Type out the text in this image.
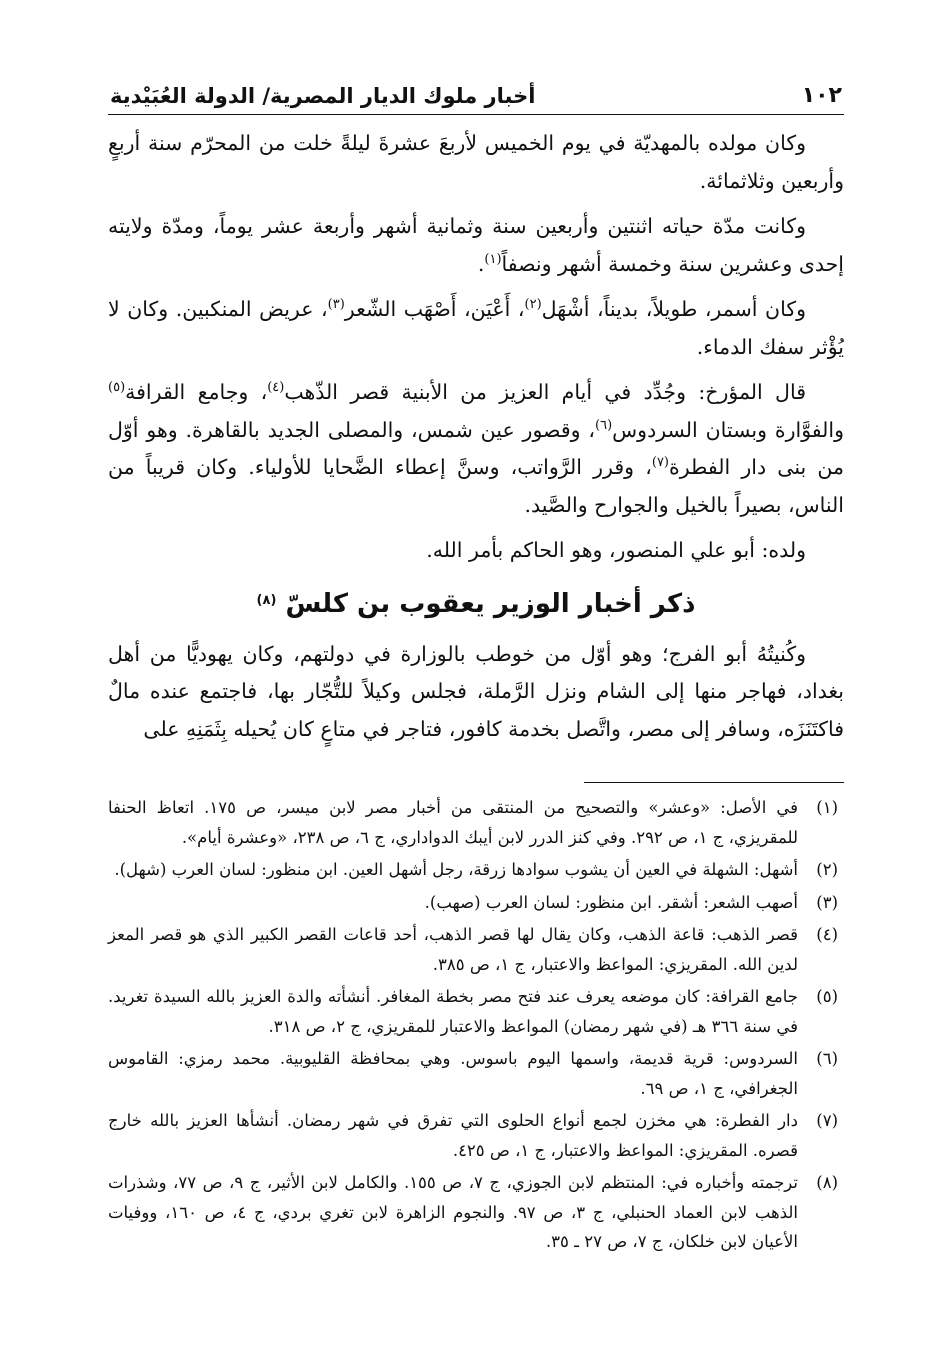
١٠٢
أخبار ملوك الديار المصرية/ الدولة العُبَيْدية

وكان مولده بالمهديّة في يوم الخميس لأربعَ عشرةَ ليلةً خلت من المحرّم سنة أربعٍ وأربعين وثلاثمائة.

وكانت مدّة حياته اثنتين وأربعين سنة وثمانية أشهر وأربعة عشر يوماً، ومدّة ولايته إحدى وعشرين سنة وخمسة أشهر ونصفاً$^{(١)}$.

وكان أسمر، طويلاً، بديناً، أشْهَل$^{(٢)}$، أَعْيَن، أَصْهَب الشّعر$^{(٣)}$، عريض المنكبين. وكان لا يُؤْثر سفك الدماء.

قال المؤرخ: وجُدِّد في أيام العزيز من الأبنية قصر الذّهب$^{(٤)}$، وجامع القرافة$^{(٥)}$ والفوَّارة وبستان السردوس$^{(٦)}$، وقصور عين شمس، والمصلى الجديد بالقاهرة. وهو أوّل من بنى دار الفطرة$^{(٧)}$، وقرر الرَّواتب، وسنَّ إعطاء الضَّحايا للأولياء. وكان قريباً من الناس، بصيراً بالخيل والجوارح والصَّيد.

ولده: أبو علي المنصور، وهو الحاكم بأمر الله.

ذكر أخبار الوزير يعقوب بن كلسّ $^{(٨)}$

وكُنيتُهُ أبو الفرج؛ وهو أوّل من خوطب بالوزارة في دولتهم، وكان يهوديًّا من أهل بغداد، فهاجر منها إلى الشام ونزل الرَّملة، فجلس وكيلاً للتُّجّار بها، فاجتمع عنده مالٌ فاكتَنَزَه، وسافر إلى مصر، واتَّصل بخدمة كافور، فتاجر في متاعٍ كان يُحيله بِثَمَنِهِ على

(١)
في الأصل: «وعشر» والتصحيح من المنتقى من أخبار مصر لابن ميسر، ص ١٧٥. اتعاظ الحنفا للمقريزي، ج ١، ص ٢٩٢. وفي كنز الدرر لابن أيبك الدواداري، ج ٦، ص ٢٣٨، «وعشرة أيام».
(٢)
أشهل: الشهلة في العين أن يشوب سوادها زرقة، رجل أشهل العين. ابن منظور: لسان العرب (شهل).
(٣)
أصهب الشعر: أشقر. ابن منظور: لسان العرب (صهب).
(٤)
قصر الذهب: قاعة الذهب، وكان يقال لها قصر الذهب، أحد قاعات القصر الكبير الذي هو قصر المعز لدين الله. المقريزي: المواعظ والاعتبار، ج ١، ص ٣٨٥.
(٥)
جامع القرافة: كان موضعه يعرف عند فتح مصر بخطة المغافر. أنشأته والدة العزيز بالله السيدة تغريد. في سنة ٣٦٦ هـ (في شهر رمضان) المواعظ والاعتبار للمقريزي، ج ٢، ص ٣١٨.
(٦)
السردوس: قرية قديمة، واسمها اليوم باسوس. وهي بمحافظة القليوبية. محمد رمزي: القاموس الجغرافي، ج ١، ص ٦٩.
(٧)
دار الفطرة: هي مخزن لجمع أنواع الحلوى التي تفرق في شهر رمضان. أنشأها العزيز بالله خارج قصره. المقريزي: المواعظ والاعتبار، ج ١، ص ٤٢٥.
(٨)
ترجمته وأخباره في: المنتظم لابن الجوزي، ج ٧، ص ١٥٥. والكامل لابن الأثير، ج ٩، ص ٧٧، وشذرات الذهب لابن العماد الحنبلي، ج ٣، ص ٩٧. والنجوم الزاهرة لابن تغري بردي، ج ٤، ص ١٦٠، ووفيات الأعيان لابن خلكان، ج ٧، ص ٢٧ ـ ٣٥.
